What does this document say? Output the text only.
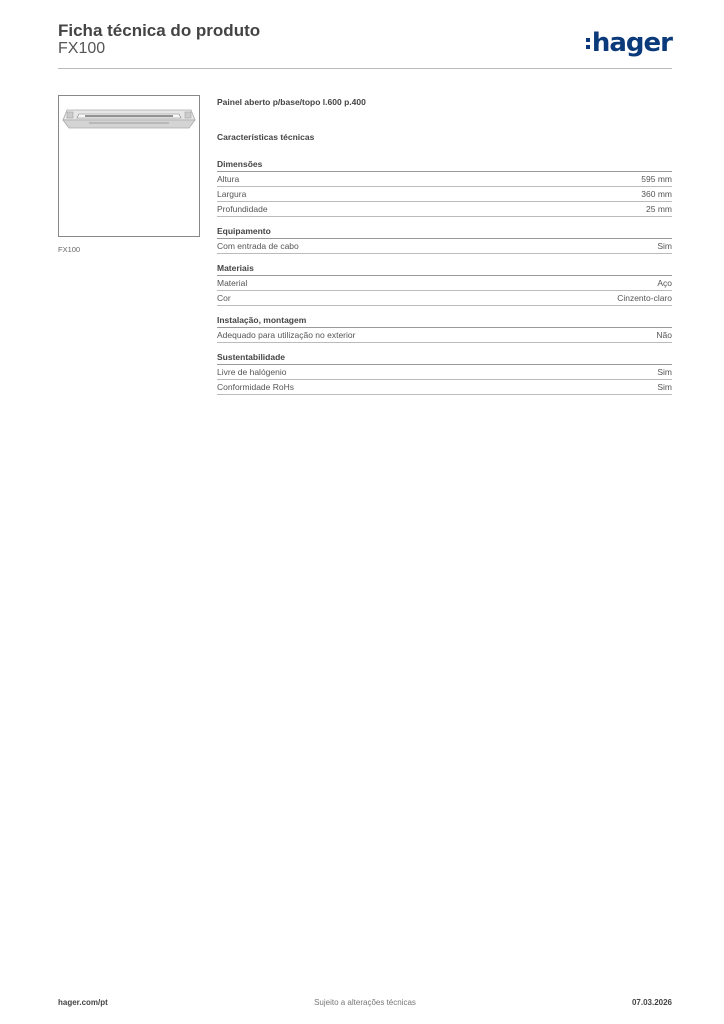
Ficha técnica do produto
FX100	hager
FX100
Painel aberto p/base/topo l.600 p.400
Características técnicas
Dimensões
Altura	595 mm
Largura	360 mm
Profundidade	25 mm
Equipamento
Com entrada de cabo	Sim
Materiais
Material	Aço
Cor	Cinzento-claro
Instalação, montagem
Adequado para utilização no exterior	Não
Sustentabilidade
Livre de halógenio	Sim
Conformidade RoHs	Sim
hager.com/pt	Sujeito a alterações técnicas	07.03.2026
